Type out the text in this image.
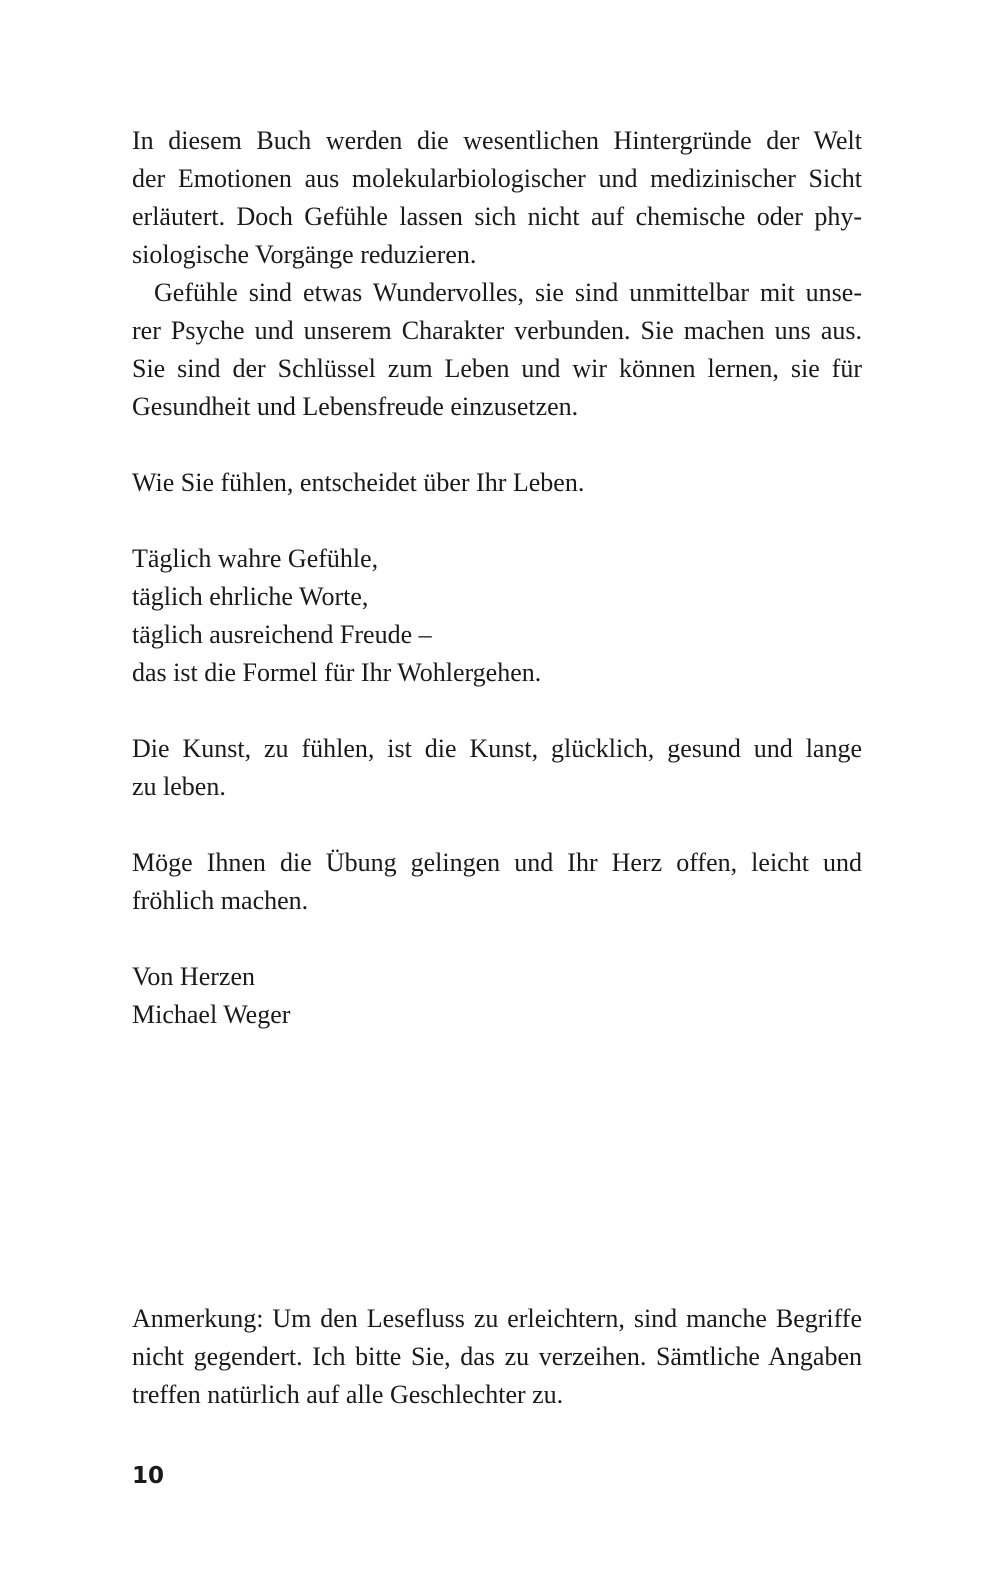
In diesem Buch werden die wesentlichen Hintergründe der Welt
der Emotionen aus molekularbiologischer und medizinischer Sicht
erläutert. Doch Gefühle lassen sich nicht auf chemische oder phy-
siologische Vorgänge reduzieren.

Gefühle sind etwas Wundervolles, sie sind unmittelbar mit unse-
rer Psyche und unserem Charakter verbunden. Sie machen uns aus.
Sie sind der Schlüssel zum Leben und wir können lernen, sie für
Gesundheit und Lebensfreude einzusetzen.

Wie Sie fühlen, entscheidet über Ihr Leben.

Täglich wahre Gefühle,
täglich ehrliche Worte,
täglich ausreichend Freude –
das ist die Formel für Ihr Wohlergehen.

Die Kunst, zu fühlen, ist die Kunst, glücklich, gesund und lange
zu leben.

Möge Ihnen die Übung gelingen und Ihr Herz offen, leicht und
fröhlich machen.

Von Herzen
Michael Weger

Anmerkung: Um den Lesefluss zu erleichtern, sind manche Begriffe
nicht gegendert. Ich bitte Sie, das zu verzeihen. Sämtliche Angaben
treffen natürlich auf alle Geschlechter zu.
10
